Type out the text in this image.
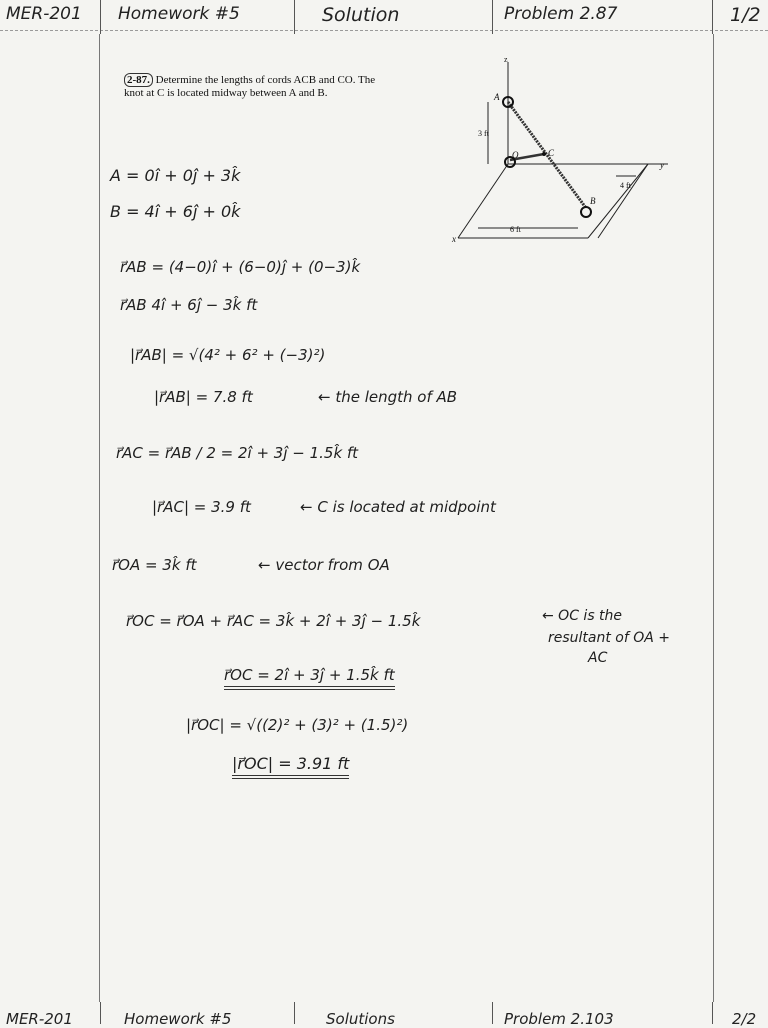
MER-201 Homework #5	Solution	Problem 2.87	1/2
2-87. Determine the lengths of cords ACB and CO. The
knot at C is located midway between A and B.
z
y
x
A
B
C
O
3 ft
4 ft
6 ft
A = 0î + 0ĵ + 3k̂
B = 4î + 6ĵ + 0k̂
r⃗AB = (4−0)î + (6−0)ĵ + (0−3)k̂
r⃗AB 4î + 6ĵ − 3k̂ ft
|r⃗AB| = √(4² + 6² + (−3)²)
|r⃗AB| = 7.8 ft	← the length of AB
r⃗AC = r⃗AB / 2 = 2î + 3ĵ − 1.5k̂ ft
|r⃗AC| = 3.9 ft	← C is located at midpoint
r⃗OA = 3k̂ ft	← vector from OA
r⃗OC = r⃗OA + r⃗AC = 3k̂ + 2î + 3ĵ − 1.5k̂	← OC is the
resultant of OA +
AC
r⃗OC = 2î + 3ĵ + 1.5k̂ ft
|r⃗OC| = √((2)² + (3)² + (1.5)²)
|r⃗OC| = 3.91 ft
MER-201	Homework #5	Solutions	Problem 2.103	2/2
